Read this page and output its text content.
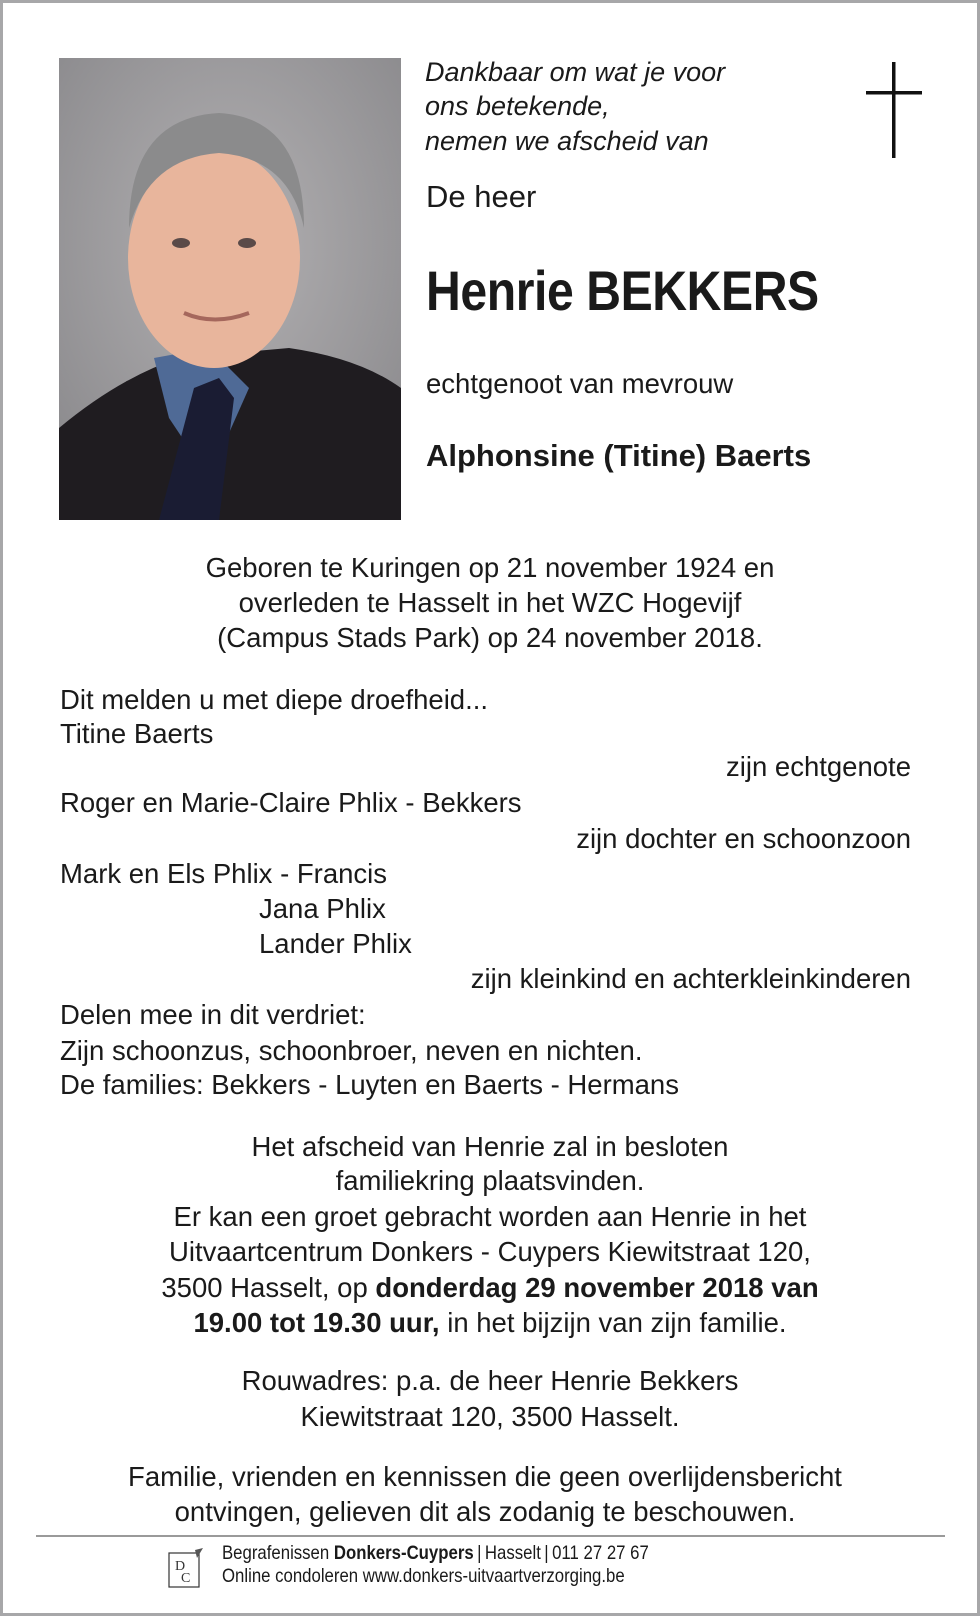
Dankbaar om wat je voor
ons betekende,
nemen we afscheid van
De heer
Henrie BEKKERS
echtgenoot van mevrouw
Alphonsine (Titine) Baerts
Geboren te Kuringen op 21 november 1924 en
overleden te Hasselt in het WZC Hogevijf
(Campus Stads Park) op 24 november 2018.
Dit melden u met diepe droefheid...
Titine Baerts
zijn echtgenote
Roger en Marie-Claire Phlix - Bekkers
zijn dochter en schoonzoon
Mark en Els Phlix - Francis
Jana Phlix
Lander Phlix
zijn kleinkind en achterkleinkinderen
Delen mee in dit verdriet:
Zijn schoonzus, schoonbroer, neven en nichten.
De families: Bekkers - Luyten en Baerts - Hermans
Het afscheid van Henrie zal in besloten
familiekring plaatsvinden.
Er kan een groet gebracht worden aan Henrie in het
Uitvaartcentrum Donkers - Cuypers Kiewitstraat 120,
3500 Hasselt, op donderdag 29 november 2018 van
19.00 tot 19.30 uur, in het bijzijn van zijn familie.
Rouwadres: p.a. de heer Henrie Bekkers
Kiewitstraat 120, 3500 Hasselt.
Familie, vrienden en kennissen die geen overlijdensbericht
ontvingen, gelieven dit als zodanig te beschouwen.
D
C
Begrafenissen Donkers-Cuypers | Hasselt | 011 27 27 67
Online condoleren www.donkers-uitvaartverzorging.be
